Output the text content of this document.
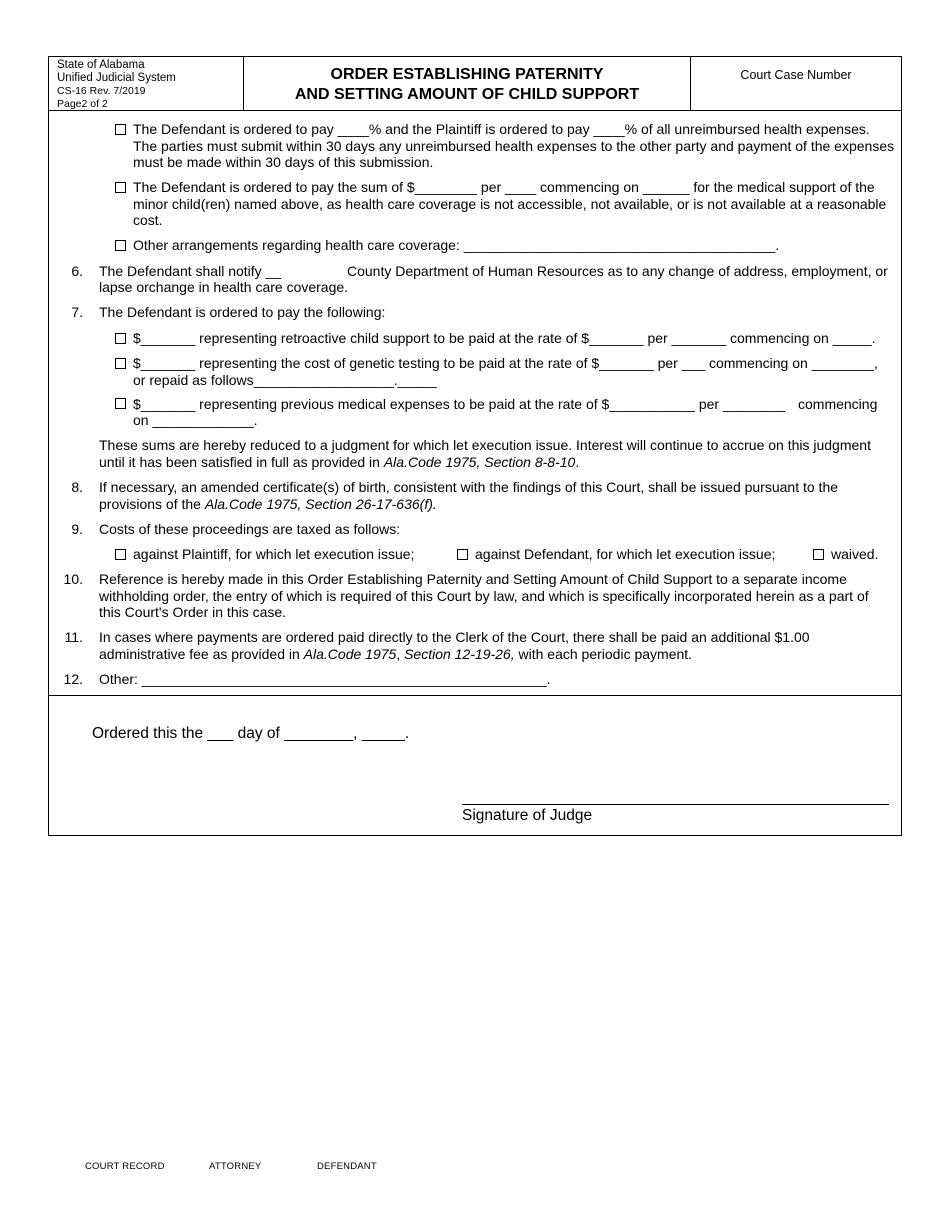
State of Alabama
Unified Judicial System
CS-16 Rev. 7/2019
Page2 of 2
ORDER ESTABLISHING PATERNITY
AND SETTING AMOUNT OF CHILD SUPPORT
Court Case Number
The Defendant is ordered to pay ____% and the Plaintiff is ordered to pay ____% of all unreimbursed health expenses.
The parties must submit within 30 days any unreimbursed health expenses to the other party and payment of the expenses
must be made within 30 days of this submission.
The Defendant is ordered to pay the sum of $________ per ____ commencing on ______ for the medical support of the
minor child(ren) named above, as health care coverage is not accessible, not available, or is not available at a reasonable
cost.
Other arrangements regarding health care coverage: ________________________________________.
6. The Defendant shall notify __	County Department of Human Resources as to any change of address, employment, or
lapse orchange in health care coverage.
7. The Defendant is ordered to pay the following:
$_______ representing retroactive child support to be paid at the rate of $_______ per _______ commencing on _____.
$_______ representing the cost of genetic testing to be paid at the rate of $_______ per ___ commencing on ________,
or repaid as follows__________________._____
$_______ representing previous medical expenses to be paid at the rate of $___________ per ________ commencing
on _____________.
These sums are hereby reduced to a judgment for which let execution issue. Interest will continue to accrue on this judgment
until it has been satisfied in full as provided in Ala.Code 1975, Section 8-8-10.
8. If necessary, an amended certificate(s) of birth, consistent with the findings of this Court, shall be issued pursuant to the
provisions of the Ala.Code 1975, Section 26-17-636(f).
9. Costs of these proceedings are taxed as follows:
against Plaintiff, for which let execution issue;	against Defendant, for which let execution issue;	waived.
10. Reference is hereby made in this Order Establishing Paternity and Setting Amount of Child Support to a separate income
withholding order, the entry of which is required of this Court by law, and which is specifically incorporated herein as a part of
this Court's Order in this case.
11. In cases where payments are ordered paid directly to the Clerk of the Court, there shall be paid an additional $1.00
administrative fee as provided in Ala.Code 1975, Section 12-19-26, with each periodic payment.
12. Other: ____________________________________________________.
Ordered this the ___ day of ________, _____.
Signature of Judge
COURT RECORD	ATTORNEY	DEFENDANT
